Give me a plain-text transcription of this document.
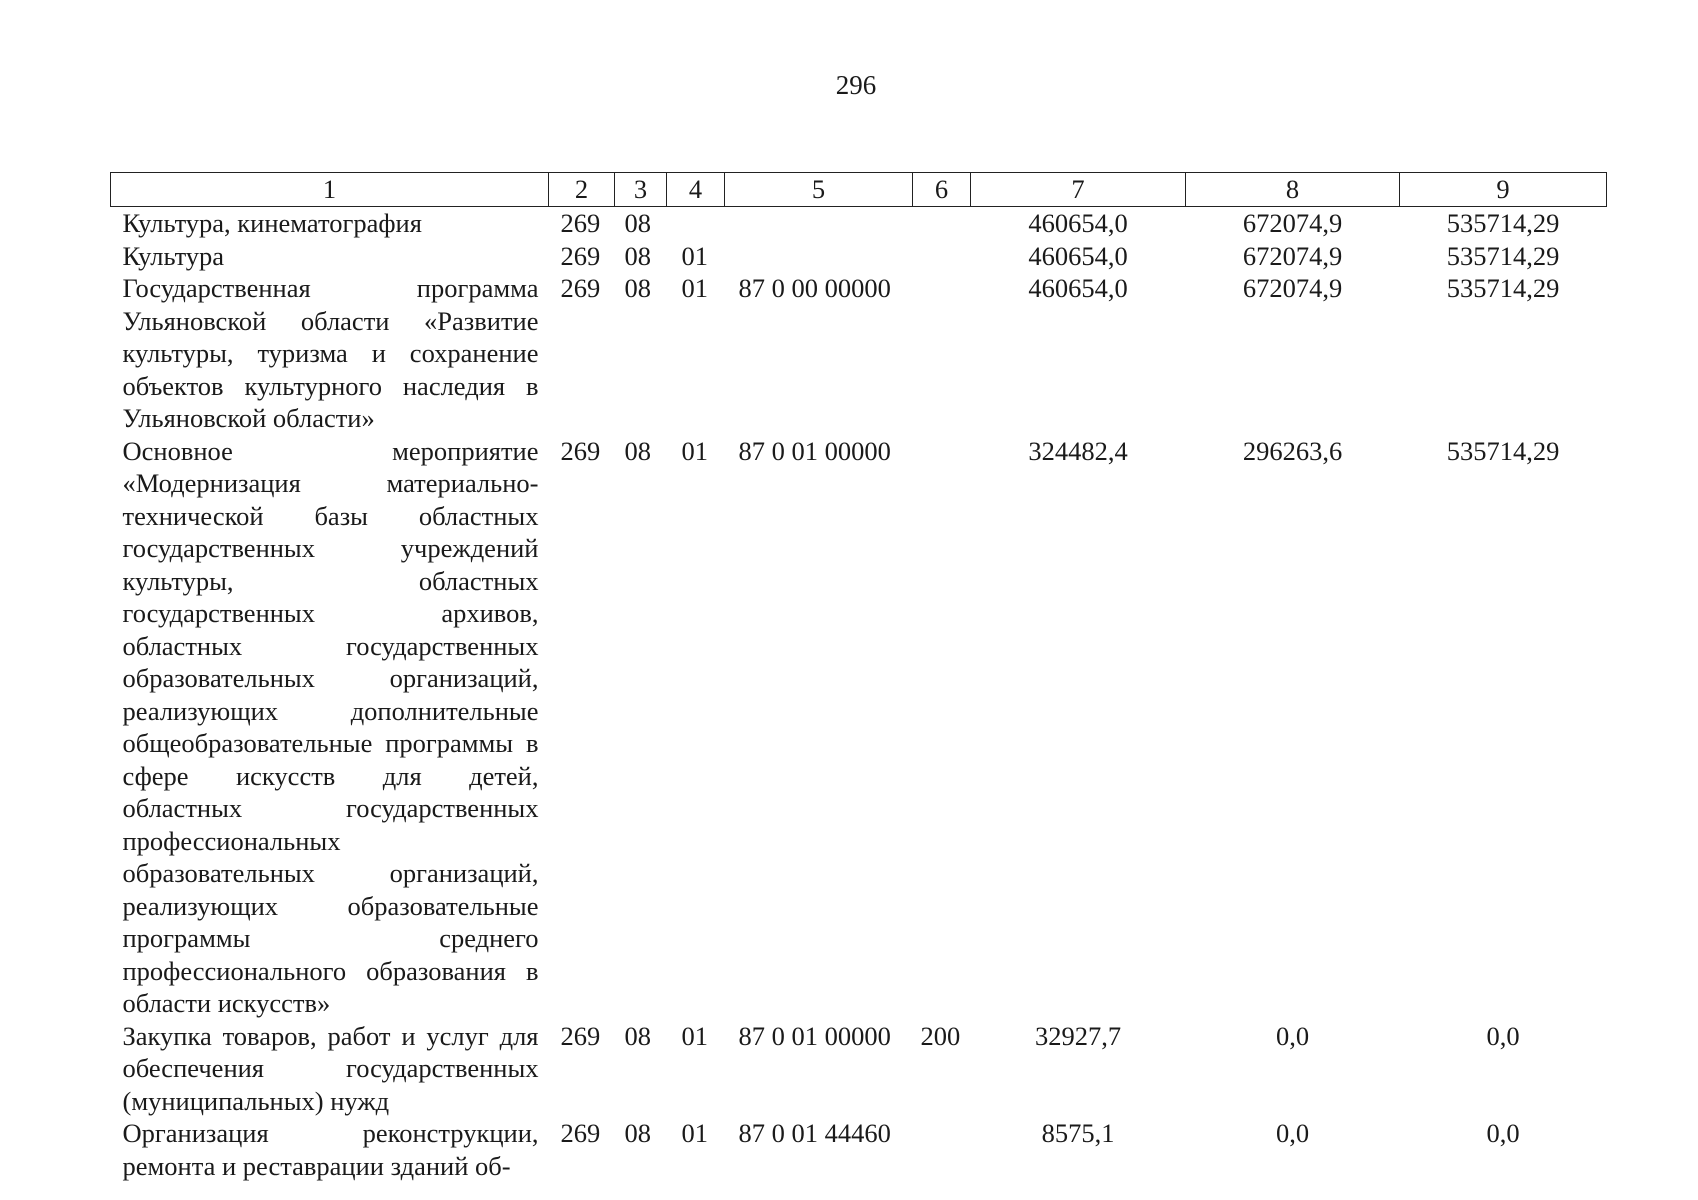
296
1	2	3	4	5	6	7	8	9
Культура, кинематография	269	08				460654,0	672074,9	535714,29
Культура	269	08	01			460654,0	672074,9	535714,29
Государственная программа Ульяновской области «Развитие культуры, туризма и сохранение объектов культурного наследия в Ульяновской области»	269	08	01	87 0 00 00000		460654,0	672074,9	535714,29
Основное мероприятие «Модернизация материально-технической базы областных государственных учреждений культуры, областных государственных архивов, областных государственных образовательных организаций, реализующих дополнительные общеобразовательные программы в сфере искусств для детей, областных государственных профессиональных образовательных организаций, реализующих образовательные программы среднего профессионального образования в области искусств»	269	08	01	87 0 01 00000		324482,4	296263,6	535714,29
Закупка товаров, работ и услуг для обеспечения государственных (муниципальных) нужд	269	08	01	87 0 01 00000	200	32927,7	0,0	0,0
Организация реконструкции, ремонта и реставрации зданий об-	269	08	01	87 0 01 44460		8575,1	0,0	0,0
